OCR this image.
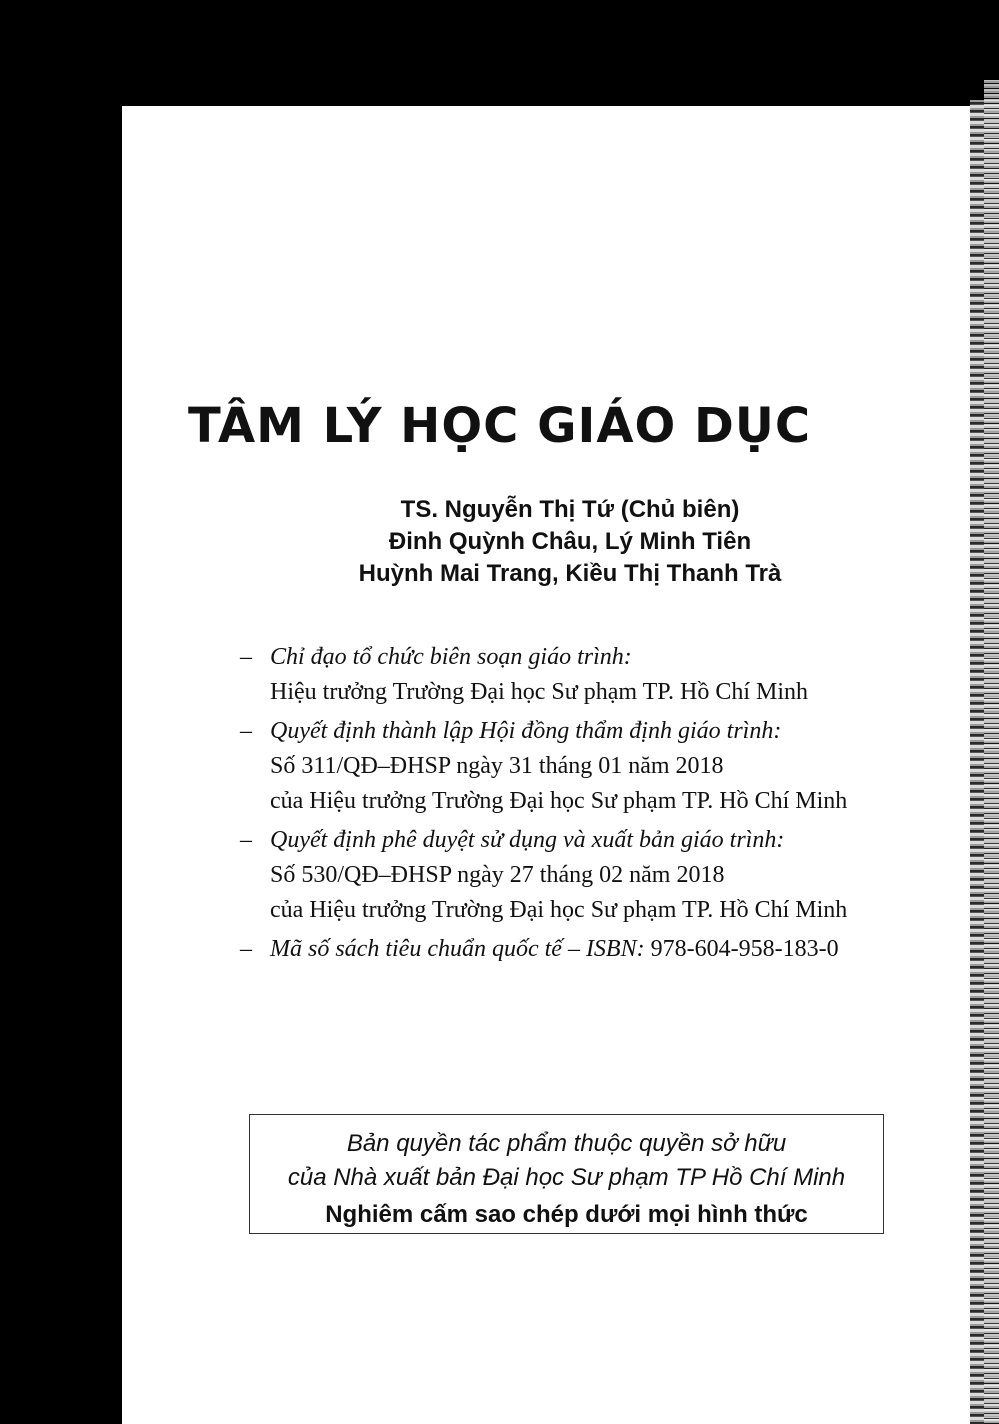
TÂM LÝ HỌC GIÁO DỤC
TS. Nguyễn Thị Tứ (Chủ biên)
Đinh Quỳnh Châu, Lý Minh Tiên
Huỳnh Mai Trang, Kiều Thị Thanh Trà
– Chỉ đạo tổ chức biên soạn giáo trình:
Hiệu trưởng Trường Đại học Sư phạm TP. Hồ Chí Minh
– Quyết định thành lập Hội đồng thẩm định giáo trình:
Số 311/QĐ–ĐHSP ngày 31 tháng 01 năm 2018
của Hiệu trưởng Trường Đại học Sư phạm TP. Hồ Chí Minh
– Quyết định phê duyệt sử dụng và xuất bản giáo trình:
Số 530/QĐ–ĐHSP ngày 27 tháng 02 năm 2018
của Hiệu trưởng Trường Đại học Sư phạm TP. Hồ Chí Minh
– Mã số sách tiêu chuẩn quốc tế – ISBN: 978-604-958-183-0
Bản quyền tác phẩm thuộc quyền sở hữu
của Nhà xuất bản Đại học Sư phạm TP Hồ Chí Minh
Nghiêm cấm sao chép dưới mọi hình thức
